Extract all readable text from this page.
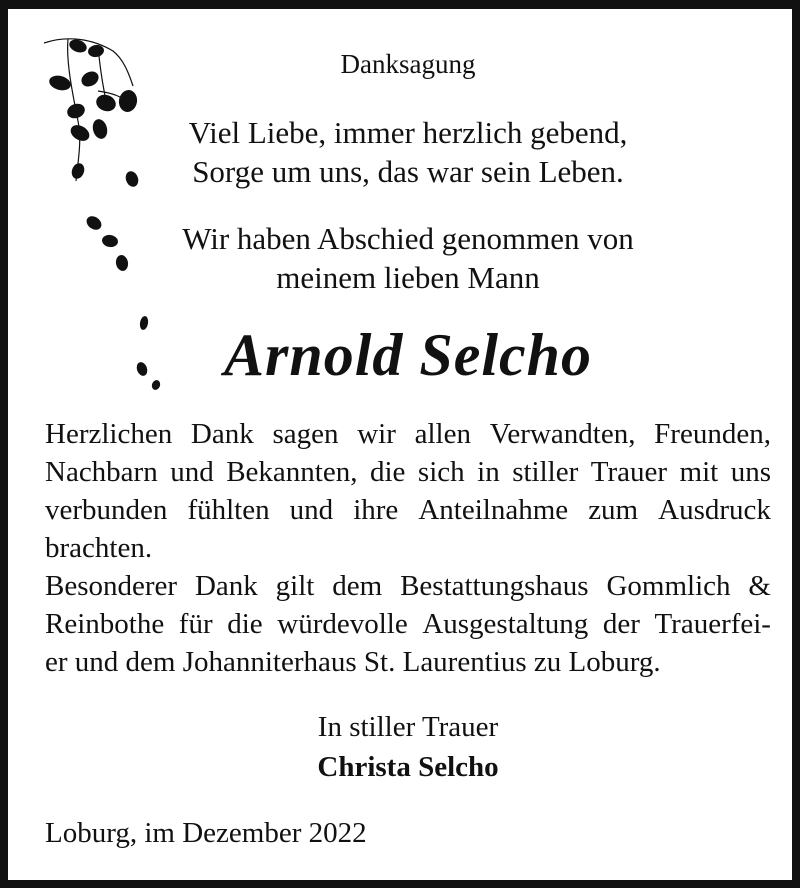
Danksagung
Viel Liebe, immer herzlich gebend,
Sorge um uns, das war sein Leben.
Wir haben Abschied genommen von
meinem lieben Mann
Arnold Selcho
Herzlichen Dank sagen wir allen Verwandten, Freunden,
Nachbarn und Bekannten, die sich in stiller Trauer mit uns
verbunden fühlten und ihre Anteilnahme zum Ausdruck
brachten.
Besonderer Dank gilt dem Bestattungshaus Gommlich &
Reinbothe für die würdevolle Ausgestaltung der Trauerfei-
er und dem Johanniterhaus St. Laurentius zu Loburg.
In stiller Trauer
Christa Selcho
Loburg, im Dezember 2022
